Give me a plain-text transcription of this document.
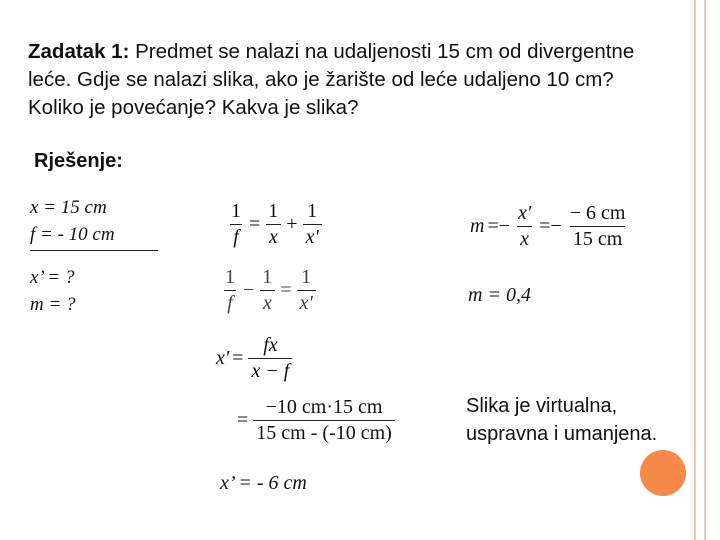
Zadatak 1: Predmet se nalazi na udaljenosti 15 cm od divergentne leće. Gdje se nalazi slika, ako je žarište od leće udaljeno 10 cm? Koliko je povećanje? Kakva je slika?
Rješenje:
x = 15 cm
f = - 10 cm
x’ = ?
m = ?
$\frac{1}{f} = \frac{1}{x} + \frac{1}{x'}$
$\frac{1}{f} - \frac{1}{x} = \frac{1}{x'}$
$x' = \frac{fx}{x - f}$
= $\frac{-10 cm\cdot 15 cm}{15 cm - (-10 cm)}$
x’ = - 6 cm
$m =- \frac{x'}{x} =- \frac{- 6 cm}{15 cm}$
m = 0,4
Slika je virtualna,
uspravna i umanjena.
